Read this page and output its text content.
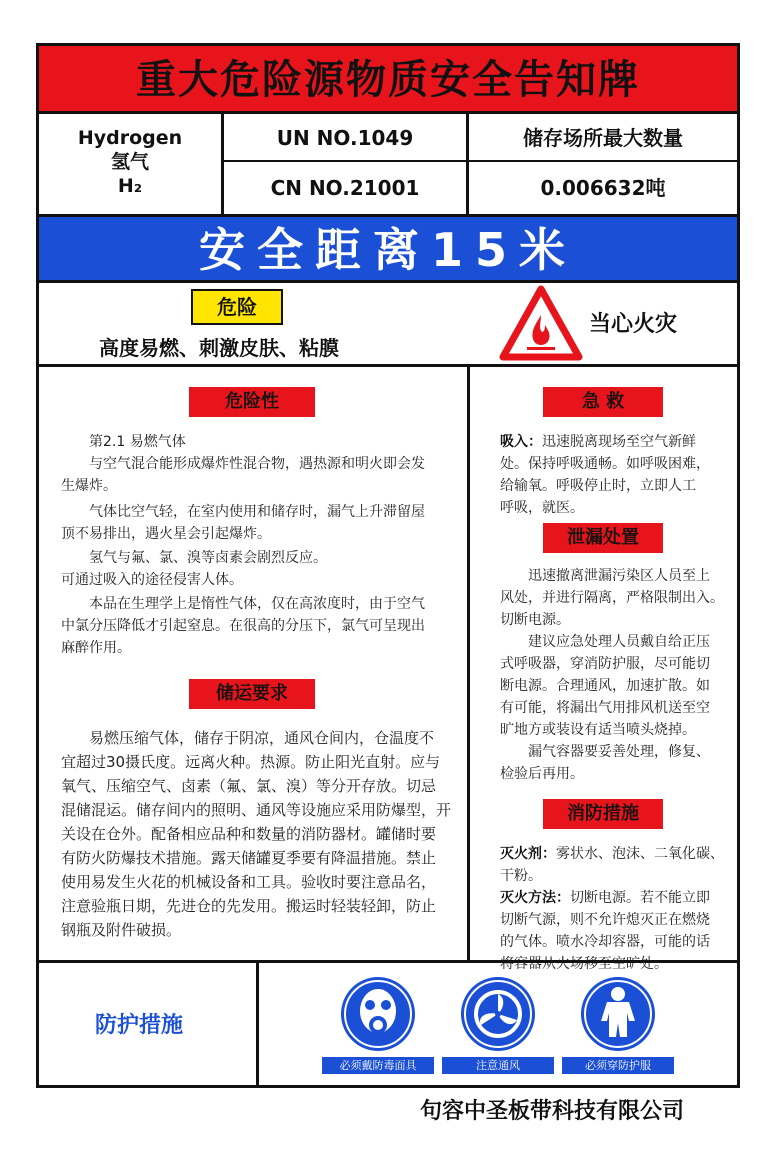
重大危险源物质安全告知牌
Hydrogen
氢气
H₂
UN NO.1049
CN NO.21001
储存场所最大数量
0.006632吨
安全距离15米
危险
高度易燃、刺激皮肤、粘膜
当心火灾
危险性
第2.1 易燃气体
与空气混合能形成爆炸性混合物，遇热源和明火即会发
生爆炸。
气体比空气轻，在室内使用和储存时，漏气上升滞留屋
顶不易排出，遇火星会引起爆炸。
氢气与氟、氯、溴等卤素会剧烈反应。
可通过吸入的途径侵害人体。
本品在生理学上是惰性气体，仅在高浓度时，由于空气
中氯分压降低才引起窒息。在很高的分压下，氯气可呈现出
麻醉作用。
储运要求
易燃压缩气体，储存于阴凉，通风仓间内，仓温度不
宜超过30摄氏度。远离火种。热源。防止阳光直射。应与
氧气、压缩空气、卤素（氟、氯、溴）等分开存放。切忌
混储混运。储存间内的照明、通风等设施应采用防爆型，开
关设在仓外。配备相应品种和数量的消防器材。罐储时要
有防火防爆技术措施。露天储罐夏季要有降温措施。禁止
使用易发生火花的机械设备和工具。验收时要注意品名，
注意验瓶日期，先进仓的先发用。搬运时轻装轻卸，防止
钢瓶及附件破损。
急 救
吸入：迅速脱离现场至空气新鲜
处。保持呼吸通畅。如呼吸困难，
给输氧。呼吸停止时，立即人工
呼吸，就医。
泄漏处置
迅速撤离泄漏污染区人员至上
风处，并进行隔离，严格限制出入。
切断电源。
建议应急处理人员戴自给正压
式呼吸器，穿消防护服，尽可能切
断电源。合理通风，加速扩散。如
有可能，将漏出气用排风机送至空
旷地方或装设有适当喷头烧掉。
漏气容器要妥善处理，修复、
检验后再用。
消防措施
灭火剂：雾状水、泡沫、二氧化碳、
干粉。
灭火方法：切断电源。若不能立即
切断气源，则不允许熄灭正在燃烧
的气体。喷水冷却容器，可能的话
将容器从火场移至空旷处。
防护措施
必须戴防毒面具	注意通风	必须穿防护服
句容中圣板带科技有限公司
